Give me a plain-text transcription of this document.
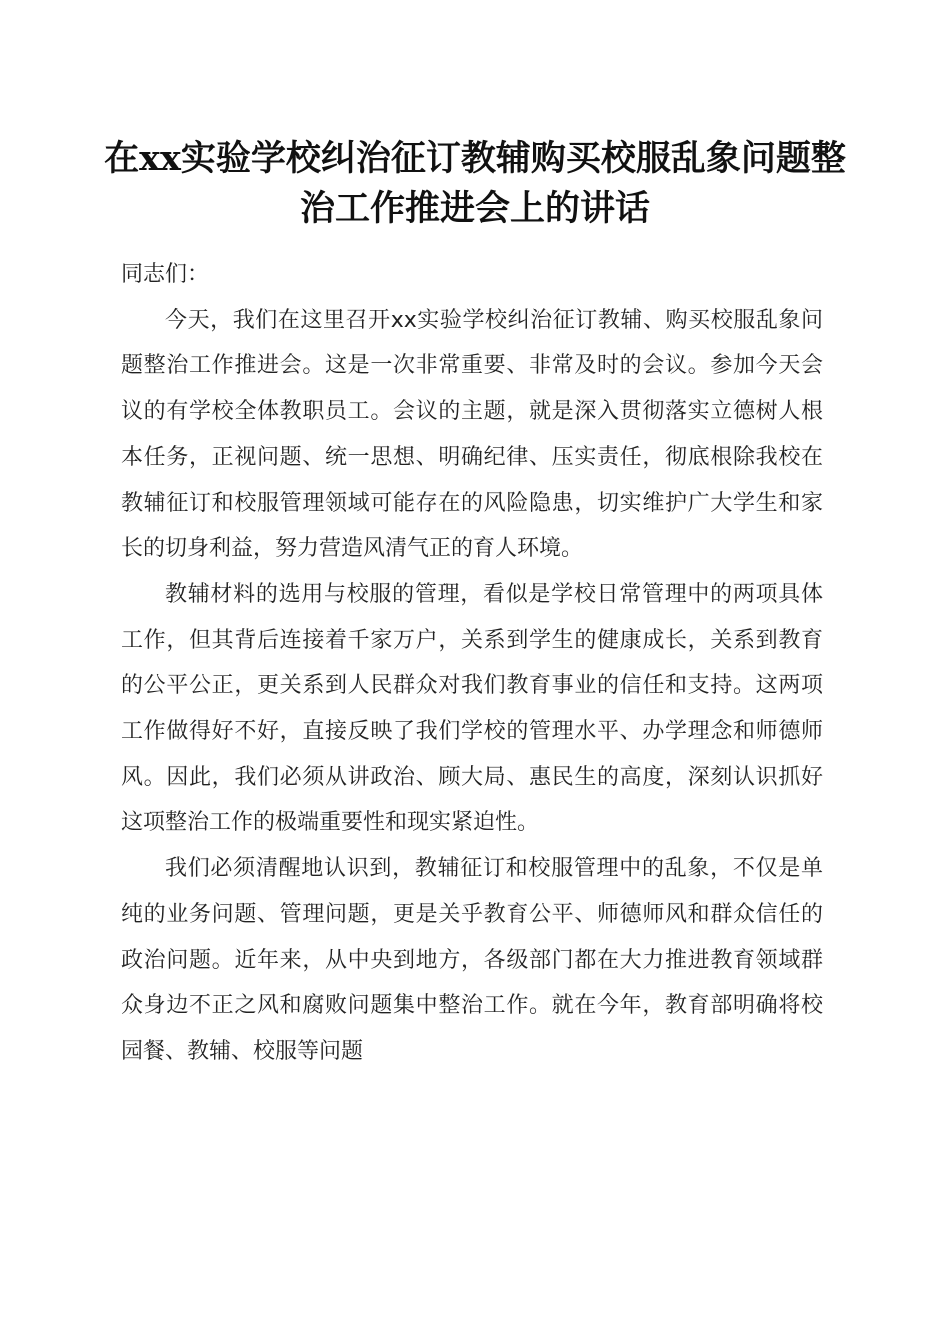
在xx实验学校纠治征订教辅购买校服乱象问题整治工作推进会上的讲话

同志们：

今天，我们在这里召开xx实验学校纠治征订教辅、购买校服乱象问题整治工作推进会。这是一次非常重要、非常及时的会议。参加今天会议的有学校全体教职员工。会议的主题，就是深入贯彻落实立德树人根本任务，正视问题、统一思想、明确纪律、压实责任，彻底根除我校在教辅征订和校服管理领域可能存在的风险隐患，切实维护广大学生和家长的切身利益，努力营造风清气正的育人环境。

教辅材料的选用与校服的管理，看似是学校日常管理中的两项具体工作，但其背后连接着千家万户，关系到学生的健康成长，关系到教育的公平公正，更关系到人民群众对我们教育事业的信任和支持。这两项工作做得好不好，直接反映了我们学校的管理水平、办学理念和师德师风。因此，我们必须从讲政治、顾大局、惠民生的高度，深刻认识抓好这项整治工作的极端重要性和现实紧迫性。

我们必须清醒地认识到，教辅征订和校服管理中的乱象，不仅是单纯的业务问题、管理问题，更是关乎教育公平、师德师风和群众信任的政治问题。近年来，从中央到地方，各级部门都在大力推进教育领域群众身边不正之风和腐败问题集中整治工作。就在今年，教育部明确将校园餐、教辅、校服等问题
